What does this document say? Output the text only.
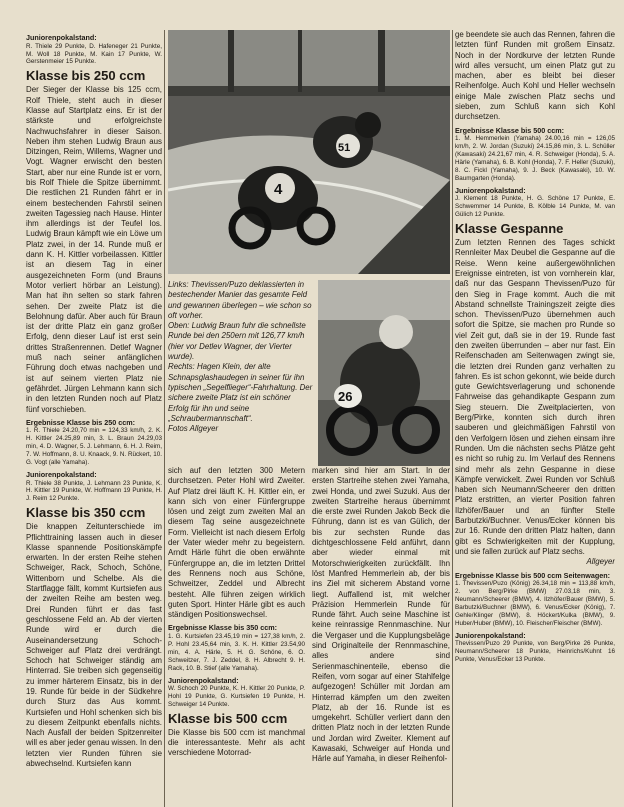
Juniorenpokalstand:

R. Thiele 29 Punkte, D. Hafeneger 21 Punkte, M. Woll 18 Punkte, M. Kain 17 Punkte, W. Gerstenmeier 15 Punkte.

Klasse bis 250 ccm

Der Sieger der Klasse bis 125 ccm, Rolf Thiele, steht auch in dieser Klasse auf Startplatz eins. Er ist der stärkste und erfolgreichste Nachwuchsfahrer in dieser Saison. Neben ihm stehen Ludwig Braun aus Ditzingen, Reim, Willems, Wagner und Vogt. Wagner erwischt den besten Start, aber nur eine Runde ist er vorn, bis Rolf Thiele die Spitze übernimmt. Die restlichen 21 Runden fährt er in einem bestechenden Fahrstil seinen zweiten Tagessieg nach Hause. Hinter ihm allerdings ist der Teufel los. Ludwig Braun kämpft wie ein Löwe um Platz zwei, in der 14. Runde muß er dann K. H. Kittler vorbeilassen. Kittler ist an diesem Tag in einer ausgezeichneten Form (und Brauns Motor verliert hörbar an Leistung). Man hat ihn selten so stark fahren sehen. Der zweite Platz ist die Belohnung dafür. Aber auch für Braun ist der dritte Platz ein ganz großer Erfolg, denn dieser Lauf ist erst sein drittes Straßenrennen. Detlef Wagner muß nach seiner anfänglichen Führung doch etwas nachgeben und ist auf seinem vierten Platz nie gefährdet. Jürgen Lehmann kann sich in den letzten Runden noch auf Platz fünf vorschieben.

Ergebnisse Klasse bis 250 ccm:

1. R. Thiele 24.20,70 min = 124,33 km/h, 2. K. H. Kittler 24.25,89 min, 3. L. Braun 24.29,03 min, 4. D. Wagner, 5. J. Lehmann, 6. H. J. Reim, 7. W. Hoffmann, 8. U. Knaack, 9. N. Rückert, 10. G. Vogt (alle Yamaha).

Juniorenpokalstand:

R. Thiele 38 Punkte, J. Lehmann 23 Punkte, K. H. Kittler 19 Punkte, W. Hoffmann 19 Punkte, H. J. Reim 12 Punkte.

Klasse bis 350 ccm

Die knappen Zeitunterschiede im Pflichttraining lassen auch in dieser Klasse spannende Positionskämpfe erwarten. In der ersten Reihe stehen Schweiger, Rack, Schoch, Schöne, Wittenborn und Schelbe. Als die Startflagge fällt, kommt Kurtsiefen aus der zweiten Reihe am besten weg. Drei Runden führt er das fast geschlossene Feld an. Ab der vierten Runde wird er durch die Auseinandersetzung Schoch-Schweiger auf Platz drei verdrängt. Schoch hat Schweiger ständig am Hinterrad. Sie treiben sich gegenseitig zu immer härterem Einsatz, bis in der 19. Runde für beide in der Südkehre durch Sturz das Aus kommt. Kurtsiefen und Hohl schenken sich bis zu diesem Zeitpunkt ebenfalls nichts. Nach Ausfall der beiden Spitzenreiter will es aber jeder genau wissen. In den letzten vier Runden führen sie abwechselnd. Kurtsiefen kann

4
51

Links: Thevissen/Puzo deklassierten in bestechender Manier das gesamte Feld und gewannen überlegen – wie schon so oft vorher.
Oben: Ludwig Braun fuhr die schnellste Runde bei den 250ern mit 126,77 km/h (hier vor Detlev Wagner, der Vierter wurde).
Rechts: Hagen Klein, der alte Schnapsglashaudegen in seiner für ihn typischen „Segelflieger“-Fahrhaltung. Der sichere zweite Platz ist ein schöner Erfolg für ihn und seine „Schraubermannschaft“.
Fotos Allgeyer

26

sich auf den letzten 300 Metern durchsetzen. Peter Hohl wird Zweiter. Auf Platz drei läuft K. H. Kittler ein, er kann sich von einer Fünfergruppe lösen und zeigt zum zweiten Mal an diesem Tag seine ausgezeichnete Form. Vielleicht ist nach diesem Erfolg der Vater wieder mehr zu begeistern. Arndt Härle führt die oben erwähnte Fünfergruppe an, die im letzten Drittel des Rennens noch aus Schöne, Schweitzer, Zeddel und Albrecht besteht. Alle führen zeigen wirklich guten Sport. Hinter Härle gibt es auch ständigen Positionswechsel.

Ergebnisse Klasse bis 350 ccm:

1. G. Kurtsiefen 23.45,19 min = 127,38 km/h, 2. P. Hohl 23.45,64 min, 3. K. H. Kittler 23.54,90 min, 4. A. Härle, 5. H. G. Schöne, 6. O. Schweitzer, 7. J. Zeddel, 8. H. Albrecht 9. H. Rack, 10. B. Stief (alle Yamaha).

Juniorenpokalstand:

W. Schoch 20 Punkte, K. H. Kittler 20 Punkte, P. Hohl 19 Punkte, G. Kurtsiefen 19 Punkte, H. Schweiger 14 Punkte.

Klasse bis 500 ccm

Die Klasse bis 500 ccm ist manchmal die interessanteste. Mehr als acht verschiedene Motorrad-

marken sind hier am Start. In der ersten Startreihe stehen zwei Yamaha, zwei Honda, und zwei Suzuki. Aus der zweiten Startreihe heraus übernimmt die erste zwei Runden Jakob Beck die Führung, dann ist es van Gülich, der bis zur sechsten Runde das dichtgeschlossene Feld anführt, dann aber wieder einmal mit Motorschwierigkeiten zurückfällt. Ihn löst Manfred Hemmerlein ab, der bis ins Ziel mit sicherem Abstand vorne liegt. Auffallend ist, mit welcher Präzision Hemmerlein Runde für Runde fährt. Auch seine Maschine ist keine reinrassige Rennmaschine. Nur die Vergaser und die Kupplungsbeläge sind Originalteile der Rennmaschine, alles andere sind Serienmaschinenteile, ebenso die Reifen, vorn sogar auf einer Stahlfelge aufgezogen! Schüller mit Jordan am Hinterrad kämpfen um den zweiten Platz, ab der 16. Runde ist es umgekehrt. Schüller verliert dann den dritten Platz noch in der letzten Runde und Jordan wird Zweiter. Klement auf Kawasaki, Schweiger auf Honda und Härle auf Yamaha, in dieser Reihenfol-

ge beendete sie auch das Rennen, fahren die letzten fünf Runden mit großem Einsatz. Noch in der Nordkurve der letzten Runde wird alles versucht, um einen Platz gut zu machen, aber es bleibt bei dieser Reihenfolge. Auch Kohl und Heller wechseln einige Male zwischen Platz sechs und sieben, zum Schluß kann sich Kohl durchsetzen.

Ergebnisse Klasse bis 500 ccm:

1. M. Hemmerlein (Yamaha) 24.00,16 min = 126,05 km/h, 2. W. Jordan (Suzuki) 24.15,86 min, 3. L. Schüller (Kawasaki) 24.21,67 min, 4. R. Schweiger (Honda), 5. A. Härle (Yamaha), 6. B. Kohl (Honda), 7. F. Heller (Suzuki), 8. C. Fickl (Yamaha), 9. J. Beck (Kawasaki), 10. W. Baumgarten (Honda).

Juniorenpokalstand:

J. Klement 18 Punkte, H. G. Schöne 17 Punkte, E. Schwemmer 14 Punkte, B. Kölble 14 Punkte, M. van Gülich 12 Punkte.

Klasse Gespanne

Zum letzten Rennen des Tages schickt Rennleiter Max Deubel die Gespanne auf die Reise. Wenn keine außergewöhnlichen Ereignisse eintreten, ist von vornherein klar, daß nur das Gespann Thevissen/Puzo für den Sieg in Frage kommt. Auch die mit Abstand schnellste Trainingszeit zeigte dies schon. Thevissen/Puzo übernehmen auch sofort die Spitze, sie machen pro Runde so viel Zeit gut, daß sie in der 19. Runde fast den zweiten überrunden – aber nur fast. Ein Reifenschaden am Seitenwagen zwingt sie, die letzten drei Runden ganz verhalten zu fahren. Es ist schon gekonnt, wie beide durch gute Gewichtsverlagerung und schonende Fahrweise das gehandikapte Gespann zum Sieg steuern. Die Zweitplacierten, von Berg/Pirke, konnten sich durch ihren sauberen und gleichmäßigen Fahrstil von den Verfolgern lösen und ziehen einsam ihre Runden. Um die nächsten sechs Plätze geht es nicht so ruhig zu. Im Verlauf des Rennens sind mehr als zehn Gespanne in diese Kämpfe verwickelt. Zwei Runden vor Schluß haben sich Neumann/Scheerer den dritten Platz erstritten, an vierter Position fahren Ilzhöfer/Bauer und an fünfter Stelle Barbutzki/Buchner. Venus/Ecker können bis zur 16. Runde den dritten Platz halten, dann gibt es Schwierigkeiten mit der Kupplung, und sie fallen zurück auf Platz sechs.

Allgeyer
Ergebnisse Klasse bis 500 ccm Seitenwagen:

1. Thevissen/Puzo (König) 26.34,18 min = 113,88 km/h, 2. von Berg/Pirke (BMW) 27.03,18 min, 3. Neumann/Scheerer (BMW), 4. Ilzhöfer/Bauer (BMW), 5. Barbutzki/Buchner (BMW), 6. Venus/Ecker (König), 7. Gehle/Klinger (BMW), 8. Höckert/Kulka (BMW), 9. Huber/Huber (BMW), 10. Fleischer/Fleischer (BMW).

Juniorenpokalstand:

Thevissen/Puzo 29 Punkte, von Berg/Pirke 26 Punkte, Neumann/Scheerer 18 Punkte, Heinrichs/Kuhnt 16 Punkte, Venus/Ecker 13 Punkte.
